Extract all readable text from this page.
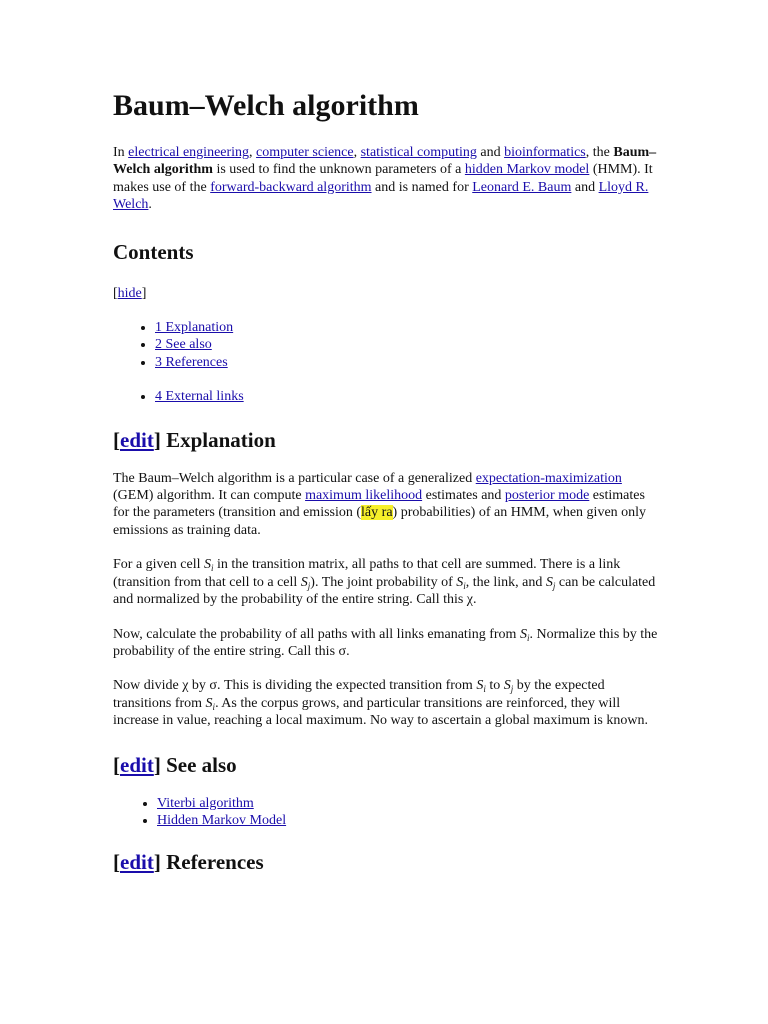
Baum–Welch algorithm

In electrical engineering, computer science, statistical computing and bioinformatics, the Baum–Welch algorithm is used to find the unknown parameters of a hidden Markov model (HMM). It makes use of the forward-backward algorithm and is named for Leonard E. Baum and Lloyd R. Welch.

Contents

[hide]

• 1 Explanation
• 2 See also
• 3 References
• 4 External links
[edit] Explanation

The Baum–Welch algorithm is a particular case of a generalized expectation-maximization (GEM) algorithm. It can compute maximum likelihood estimates and posterior mode estimates for the parameters (transition and emission (lấy ra) probabilities) of an HMM, when given only emissions as training data.

For a given cell $S_i$ in the transition matrix, all paths to that cell are summed. There is a link (transition from that cell to a cell $S_j$). The joint probability of $S_i$, the link, and $S_j$ can be calculated and normalized by the probability of the entire string. Call this χ.

Now, calculate the probability of all paths with all links emanating from $S_i$. Normalize this by the probability of the entire string. Call this σ.

Now divide χ by σ. This is dividing the expected transition from $S_i$ to $S_j$ by the expected transitions from $S_i$. As the corpus grows, and particular transitions are reinforced, they will increase in value, reaching a local maximum. No way to ascertain a global maximum is known.

[edit] See also
• Viterbi algorithm
• Hidden Markov Model
[edit] References
